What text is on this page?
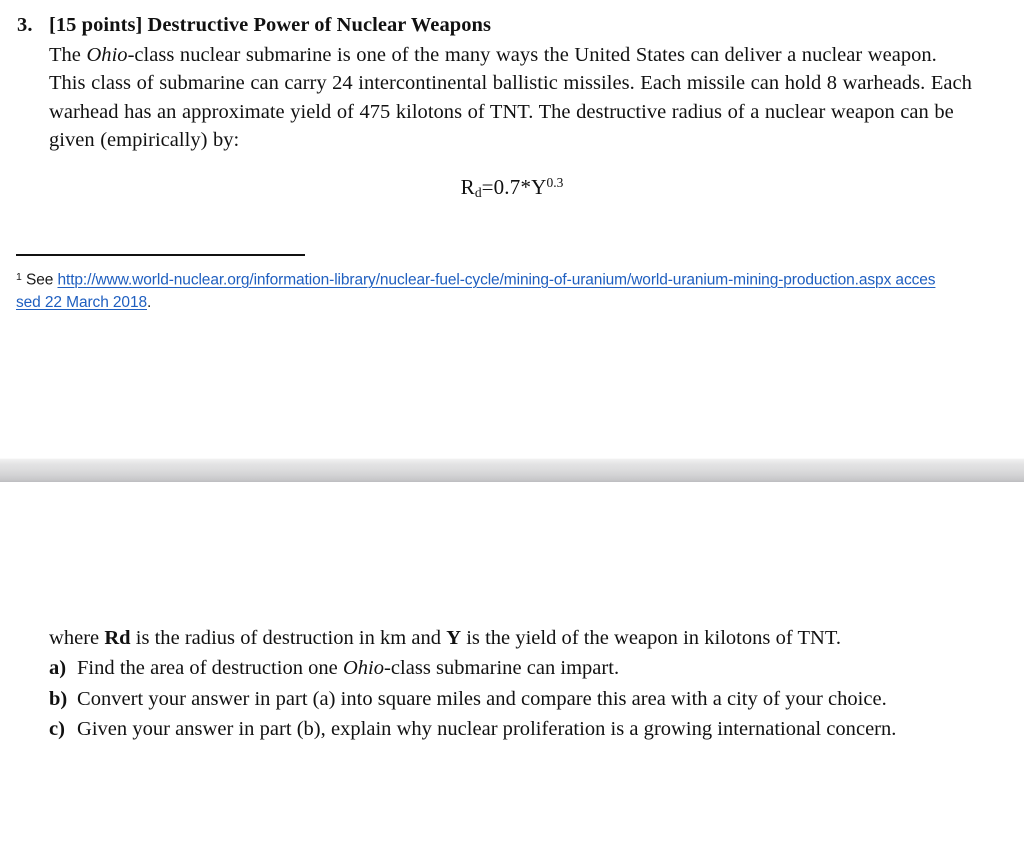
3. [15 points] Destructive Power of Nuclear Weapons
The Ohio-class nuclear submarine is one of the many ways the United States can deliver a nuclear weapon. This class of submarine can carry 24 intercontinental ballistic missiles. Each missile can hold 8 warheads. Each warhead has an approximate yield of 475 kilotons of TNT. The destructive radius of a nuclear weapon can be given (empirically) by:
$R_d=0.7*Y^{0.3}$
$^1$ See http://www.world-nuclear.org/information-library/nuclear-fuel-cycle/mining-of-uranium/world-uranium-mining-production.aspx accessed 22 March 2018.
where Rd is the radius of destruction in km and Y is the yield of the weapon in kilotons of TNT.
a) Find the area of destruction one Ohio-class submarine can impart.
b) Convert your answer in part (a) into square miles and compare this area with a city of your choice.
c) Given your answer in part (b), explain why nuclear proliferation is a growing international concern.
